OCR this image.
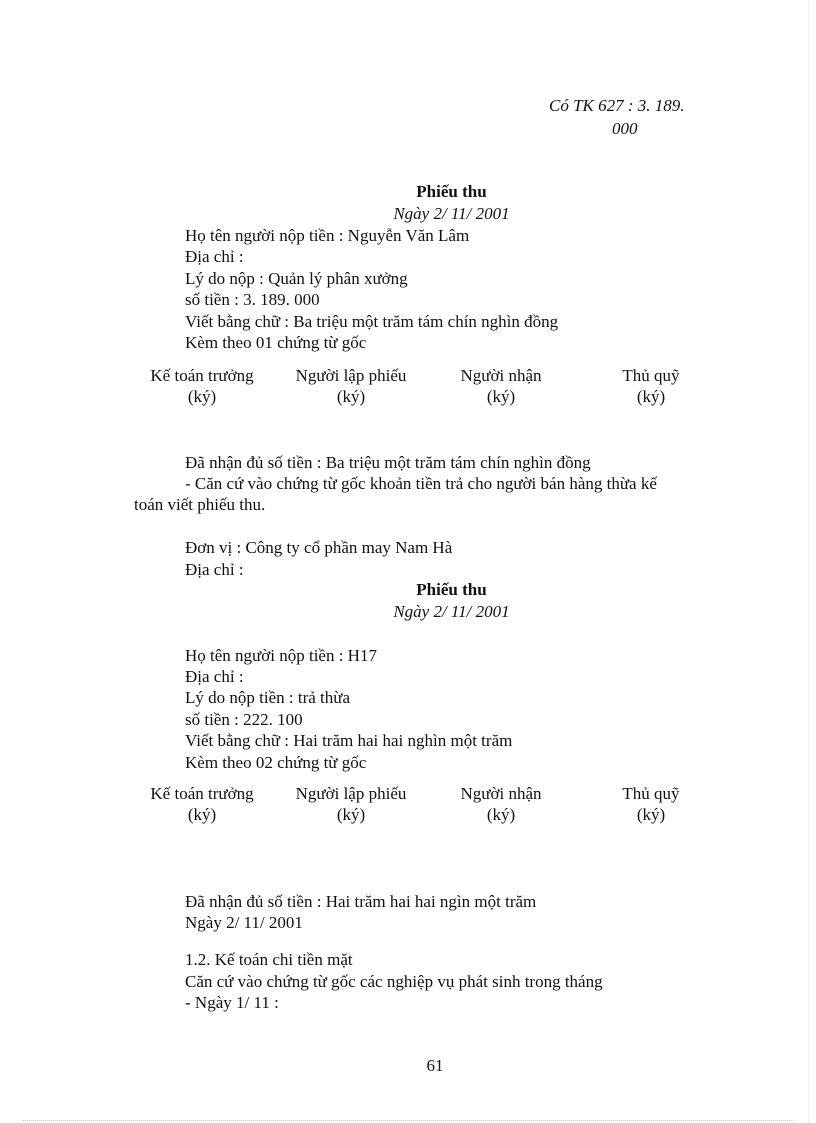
Có TK 627 : 3. 189.
000
Phiếu thu
Ngày 2/ 11/ 2001
Họ tên người nộp tiền : Nguyễn Văn Lâm
Địa chỉ :
Lý do nộp : Quản lý phân xưởng
số tiền : 3. 189. 000
Viết bằng chữ : Ba triệu một trăm tám chín nghìn đồng
Kèm theo 01 chứng từ gốc
Kế toán trưởng
(ký)
Người lập phiếu
(ký)
Người nhận
(ký)
Thủ quỹ
(ký)
Đã nhận đủ số tiền : Ba triệu một trăm tám chín nghìn đồng
- Căn cứ vào chứng từ gốc khoản tiền trả cho người bán hàng thừa kế
toán viết phiếu thu.
Đơn vị : Công ty cổ phần may Nam Hà
Địa chỉ :
Phiếu thu
Ngày 2/ 11/ 2001
Họ tên người nộp tiền : H17
Địa chỉ :
Lý do nộp tiền : trả thừa
số tiền : 222. 100
Viết bằng chữ : Hai trăm hai hai nghìn một trăm
Kèm theo 02 chứng từ gốc
Kế toán trưởng
(ký)
Người lập phiếu
(ký)
Người nhận
(ký)
Thủ quỹ
(ký)
Đã nhận đủ số tiền : Hai trăm hai hai ngìn một trăm
Ngày 2/ 11/ 2001
1.2. Kế toán chi tiền mặt
Căn cứ vào chứng từ gốc các nghiệp vụ phát sinh trong tháng
- Ngày 1/ 11 :
61
